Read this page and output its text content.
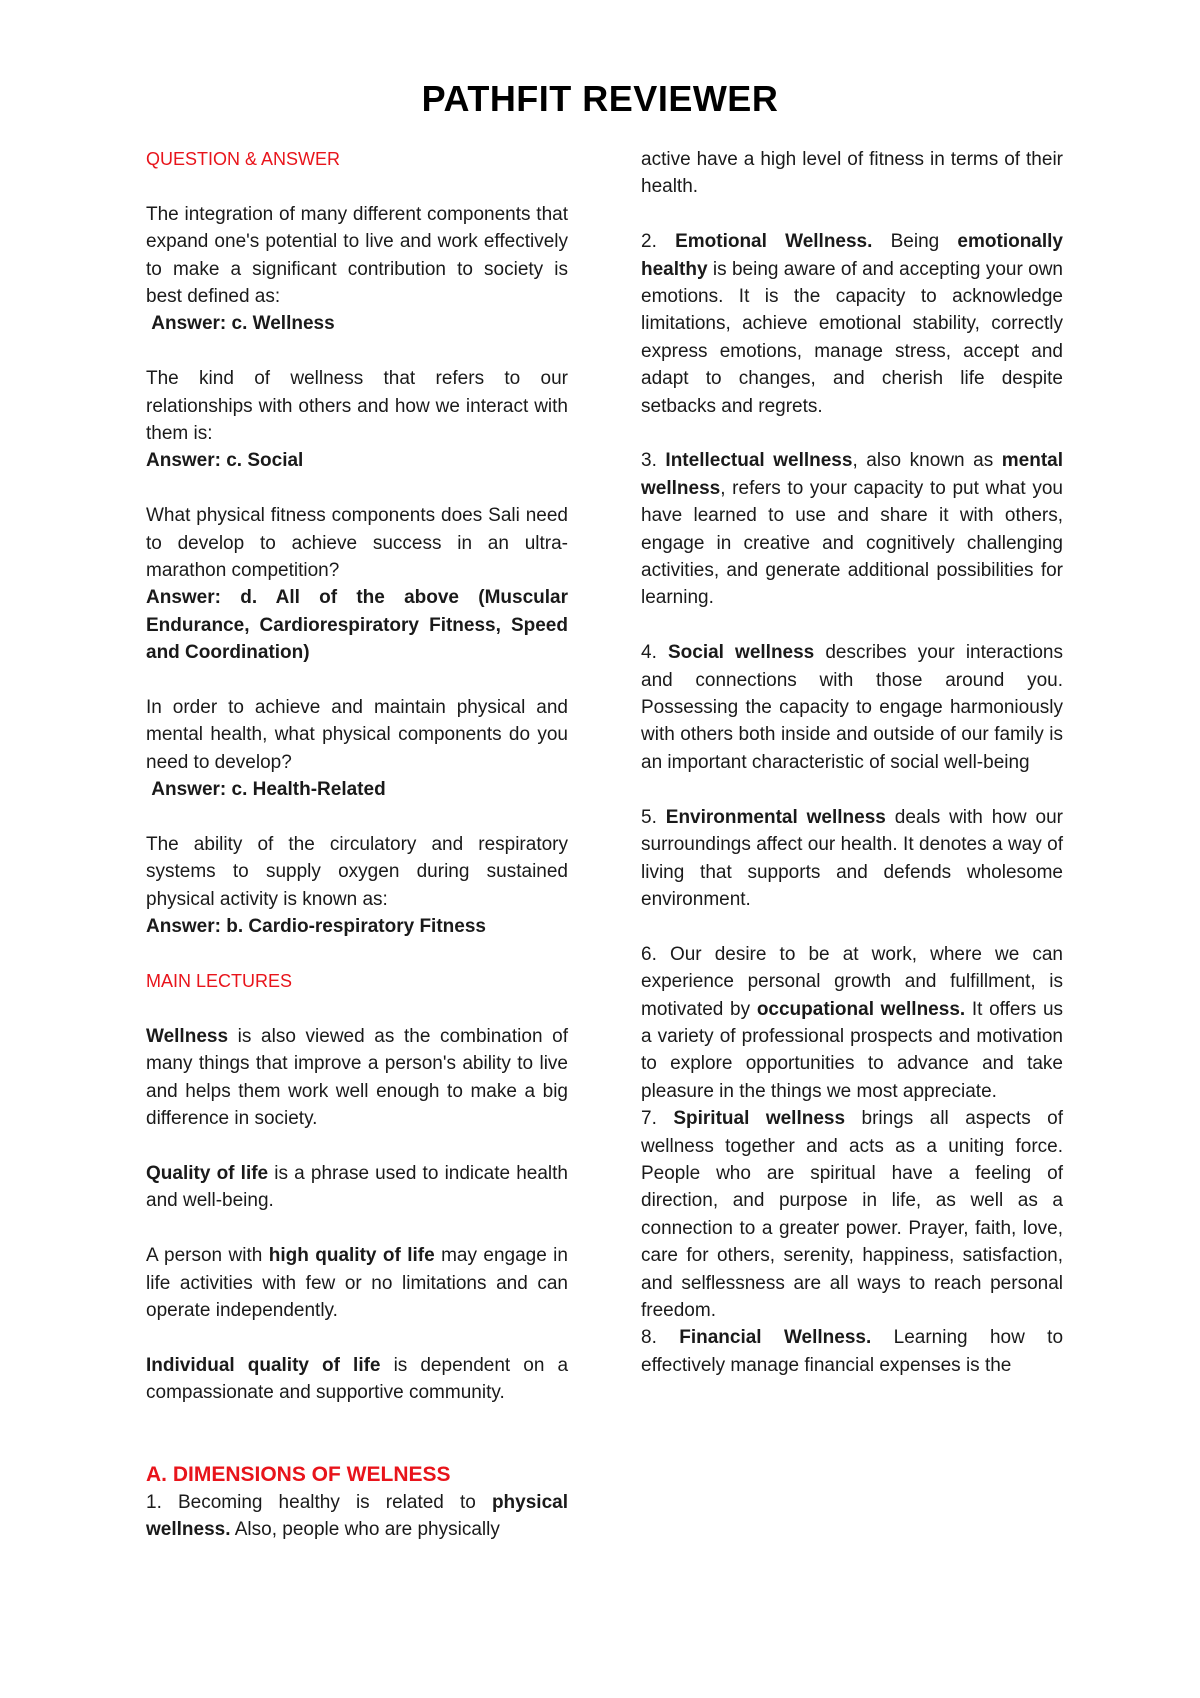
PATHFIT REVIEWER

QUESTION & ANSWER

The integration of many different components that expand one's potential to live and work effectively to make a significant contribution to society is best defined as:

Answer: c. Wellness

The kind of wellness that refers to our relationships with others and how we interact with them is:

Answer: c. Social

What physical fitness components does Sali need to develop to achieve success in an ultra-marathon competition?

Answer: d. All of the above (Muscular Endurance, Cardiorespiratory Fitness, Speed and Coordination)

In order to achieve and maintain physical and mental health, what physical components do you need to develop?

Answer: c. Health-Related

The ability of the circulatory and respiratory systems to supply oxygen during sustained physical activity is known as:

Answer: b. Cardio-respiratory Fitness

MAIN LECTURES

Wellness is also viewed as the combination of many things that improve a person's ability to live and helps them work well enough to make a big difference in society.

Quality of life is a phrase used to indicate health and well-being.

A person with high quality of life may engage in life activities with few or no limitations and can operate independently.

Individual quality of life is dependent on a compassionate and supportive community.

A. DIMENSIONS OF WELNESS

1. Becoming healthy is related to physical wellness. Also, people who are physically

active have a high level of fitness in terms of their health.

2. Emotional Wellness. Being emotionally healthy is being aware of and accepting your own emotions. It is the capacity to acknowledge limitations, achieve emotional stability, correctly express emotions, manage stress, accept and adapt to changes, and cherish life despite setbacks and regrets.

3. Intellectual wellness, also known as mental wellness, refers to your capacity to put what you have learned to use and share it with others, engage in creative and cognitively challenging activities, and generate additional possibilities for learning.

4. Social wellness describes your interactions and connections with those around you. Possessing the capacity to engage harmoniously with others both inside and outside of our family is an important characteristic of social well-being

5. Environmental wellness deals with how our surroundings affect our health. It denotes a way of living that supports and defends wholesome environment.

6. Our desire to be at work, where we can experience personal growth and fulfillment, is motivated by occupational wellness. It offers us a variety of professional prospects and motivation to explore opportunities to advance and take pleasure in the things we most appreciate.

7. Spiritual wellness brings all aspects of wellness together and acts as a uniting force. People who are spiritual have a feeling of direction, and purpose in life, as well as a connection to a greater power. Prayer, faith, love, care for others, serenity, happiness, satisfaction, and selflessness are all ways to reach personal freedom.

8. Financial Wellness. Learning how to effectively manage financial expenses is the
